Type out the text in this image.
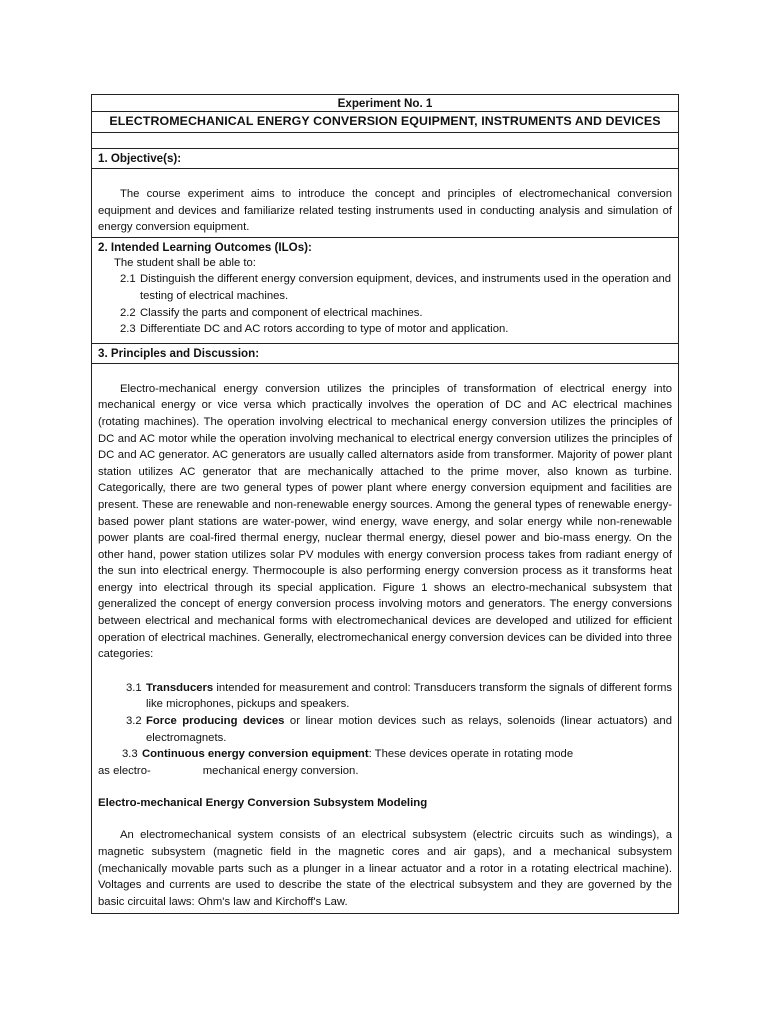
Experiment No. 1
ELECTROMECHANICAL ENERGY CONVERSION EQUIPMENT, INSTRUMENTS AND DEVICES
1. Objective(s):
The course experiment aims to introduce the concept and principles of electromechanical conversion equipment and devices and familiarize related testing instruments used in conducting analysis and simulation of energy conversion equipment.
2. Intended Learning Outcomes (ILOs):
The student shall be able to:
2.1 Distinguish the different energy conversion equipment, devices, and instruments used in the operation and testing of electrical machines.
2.2 Classify the parts and component of electrical machines.
2.3 Differentiate DC and AC rotors according to type of motor and application.
3. Principles and Discussion:
Electro-mechanical energy conversion utilizes the principles of transformation of electrical energy into mechanical energy or vice versa which practically involves the operation of DC and AC electrical machines (rotating machines). The operation involving electrical to mechanical energy conversion utilizes the principles of DC and AC motor while the operation involving mechanical to electrical energy conversion utilizes the principles of DC and AC generator. AC generators are usually called alternators aside from transformer. Majority of power plant station utilizes AC generator that are mechanically attached to the prime mover, also known as turbine. Categorically, there are two general types of power plant where energy conversion equipment and facilities are present. These are renewable and non-renewable energy sources. Among the general types of renewable energy-based power plant stations are water-power, wind energy, wave energy, and solar energy while non-renewable power plants are coal-fired thermal energy, nuclear thermal energy, diesel power and bio-mass energy. On the other hand, power station utilizes solar PV modules with energy conversion process takes from radiant energy of the sun into electrical energy. Thermocouple is also performing energy conversion process as it transforms heat energy into electrical through its special application. Figure 1 shows an electro-mechanical subsystem that generalized the concept of energy conversion process involving motors and generators. The energy conversions between electrical and mechanical forms with electromechanical devices are developed and utilized for efficient operation of electrical machines. Generally, electromechanical energy conversion devices can be divided into three categories:
3.1 Transducers intended for measurement and control: Transducers transform the signals of different forms like microphones, pickups and speakers.
3.2 Force producing devices or linear motion devices such as relays, solenoids (linear actuators) and electromagnets.
3.3 Continuous energy conversion equipment: These devices operate in rotating mode
as electro-	mechanical energy conversion.
Electro-mechanical Energy Conversion Subsystem Modeling
An electromechanical system consists of an electrical subsystem (electric circuits such as windings), a magnetic subsystem (magnetic field in the magnetic cores and air gaps), and a mechanical subsystem (mechanically movable parts such as a plunger in a linear actuator and a rotor in a rotating electrical machine). Voltages and currents are used to describe the state of the electrical subsystem and they are governed by the basic circuital laws: Ohm's law and Kirchoff's Law.
